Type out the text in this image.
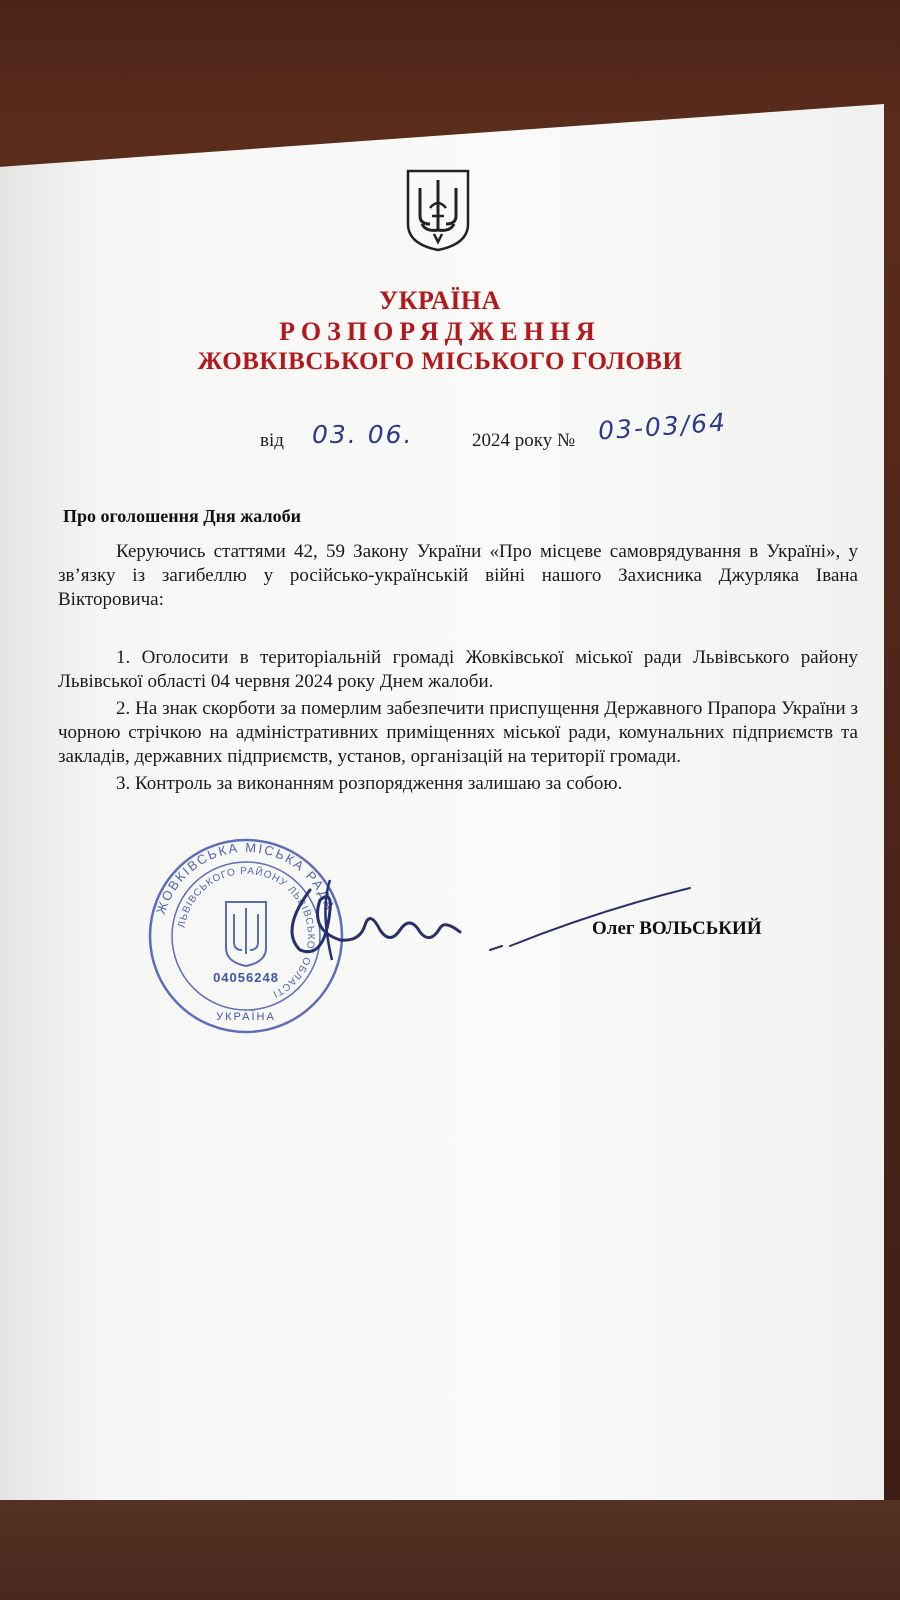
УКРАЇНА
РОЗПОРЯДЖЕННЯ
ЖОВКІВСЬКОГО МІСЬКОГО ГОЛОВИ
від 03. 06.	2024 року № 03-03/64
Про оголошення Дня жалоби

Керуючись статтями 42, 59 Закону України «Про місцеве самоврядування в Україні», у зв’язку із загибеллю у російсько-українській війні нашого Захисника Джурляка Івана Вікторовича:

1. Оголосити в територіальній громаді Жовківської міської ради Львівського району Львівської області 04 червня 2024 року Днем жалоби.

2. На знак скорботи за померлим забезпечити приспущення Державного Прапора України з чорною стрічкою на адміністративних приміщеннях міської ради, комунальних підприємств та закладів, державних підприємств, установ, організацій на території громади.

3. Контроль за виконанням розпорядження залишаю за собою.

ЖОВКІВСЬКА МІСЬКА РАДА
ЛЬВІВСЬКОГО РАЙОНУ ЛЬВІВСЬКОЇ ОБЛАСТІ
04056248
УКРАЇНА
Олег ВОЛЬСЬКИЙ
